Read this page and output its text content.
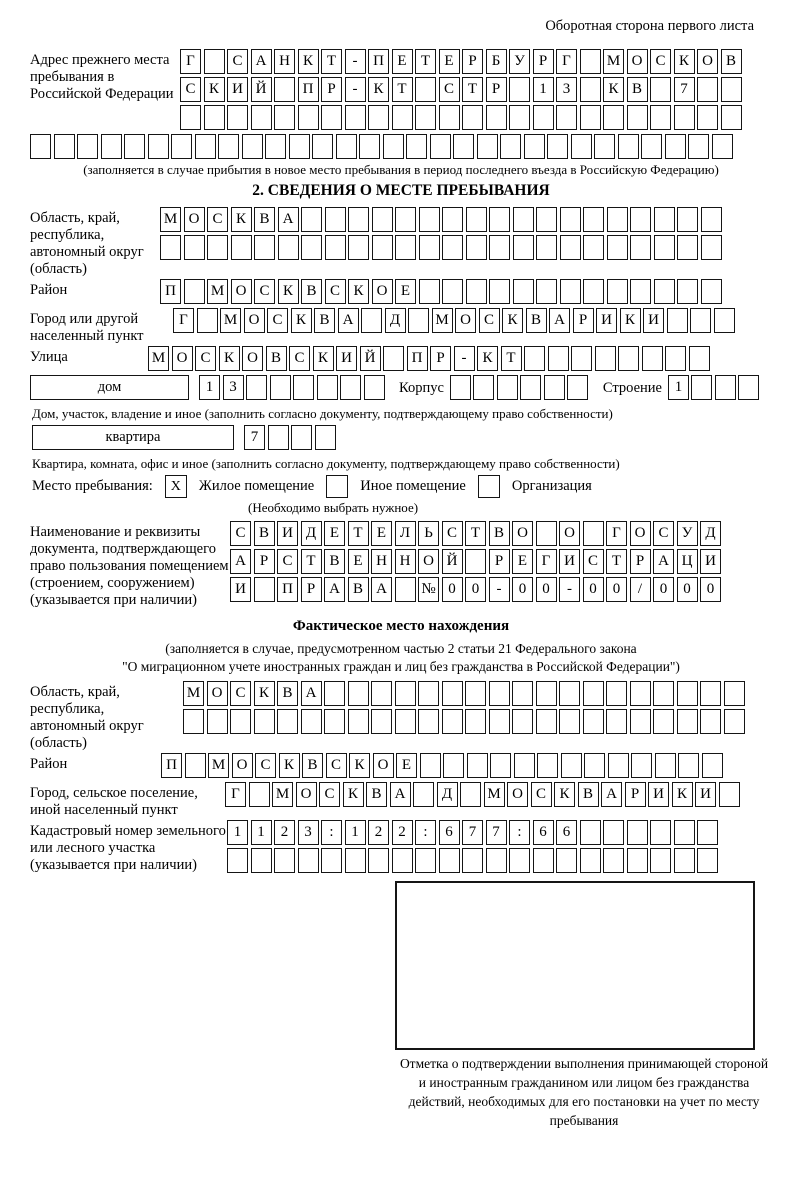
Оборотная сторона первого листа
Адрес прежнего места пребывания в Российской Федерации
Г	С А Н К Т	-	П Е Т Е Р	Б У Р Г	М О С К О В
С К И Й	П Р	-	К Т	С Т Р	1	3	К В	7
(заполняется в случае прибытия в новое место пребывания в период последнего въезда в Российскую Федерацию)
2. СВЕДЕНИЯ О МЕСТЕ ПРЕБЫВАНИЯ
Область, край, республика, автономный округ (область)
М О С К В А
Район	П	М О С К В С К О Е
Город или другой населенный пункт
Г	М О С К В А	Д	М О С К В А Р И К И
Улица	М О С К О В С К И Й	П Р	-	К Т
дом	1	3	Корпус	Строение 1
Дом, участок, владение и иное (заполнить согласно документу, подтверждающему право собственности)
квартира	7
Квартира, комната, офис и иное (заполнить согласно документу, подтверждающему право собственности)
Место пребывания:	X	Жилое помещение	Иное помещение	Организация
(Необходимо выбрать нужное)
Наименование и реквизиты документа, подтверждающего право пользования помещением (строением, сооружением) (указывается при наличии)
С В И Д Е Т Е Л Ь С Т В О	О	Г О С У Д
А Р С Т В Е Н Н О Й	Р Е Г И С Т Р А Ц И
И	П Р А В А	№ 0	0	-	0	0	-	0	0	/	0	0	0
Фактическое место нахождения
(заполняется в случае, предусмотренном частью 2 статьи 21 Федерального закона
"О миграционном учете иностранных граждан и лиц без гражданства в Российской Федерации")
Область, край, республика, автономный округ (область)
М О С К В А
Район	П	М О С К В С К О Е
Город, сельское поселение, иной населенный пункт
Г	М О С К В А	Д	М О С К В А Р И К И
Кадастровый номер земельного или лесного участка (указывается при наличии)
1	1	2	3	:	1	2	2	:	6	7	7	:	6	6
Отметка о подтверждении выполнения принимающей стороной и иностранным гражданином или лицом без гражданства действий, необходимых для его постановки на учет по месту пребывания
